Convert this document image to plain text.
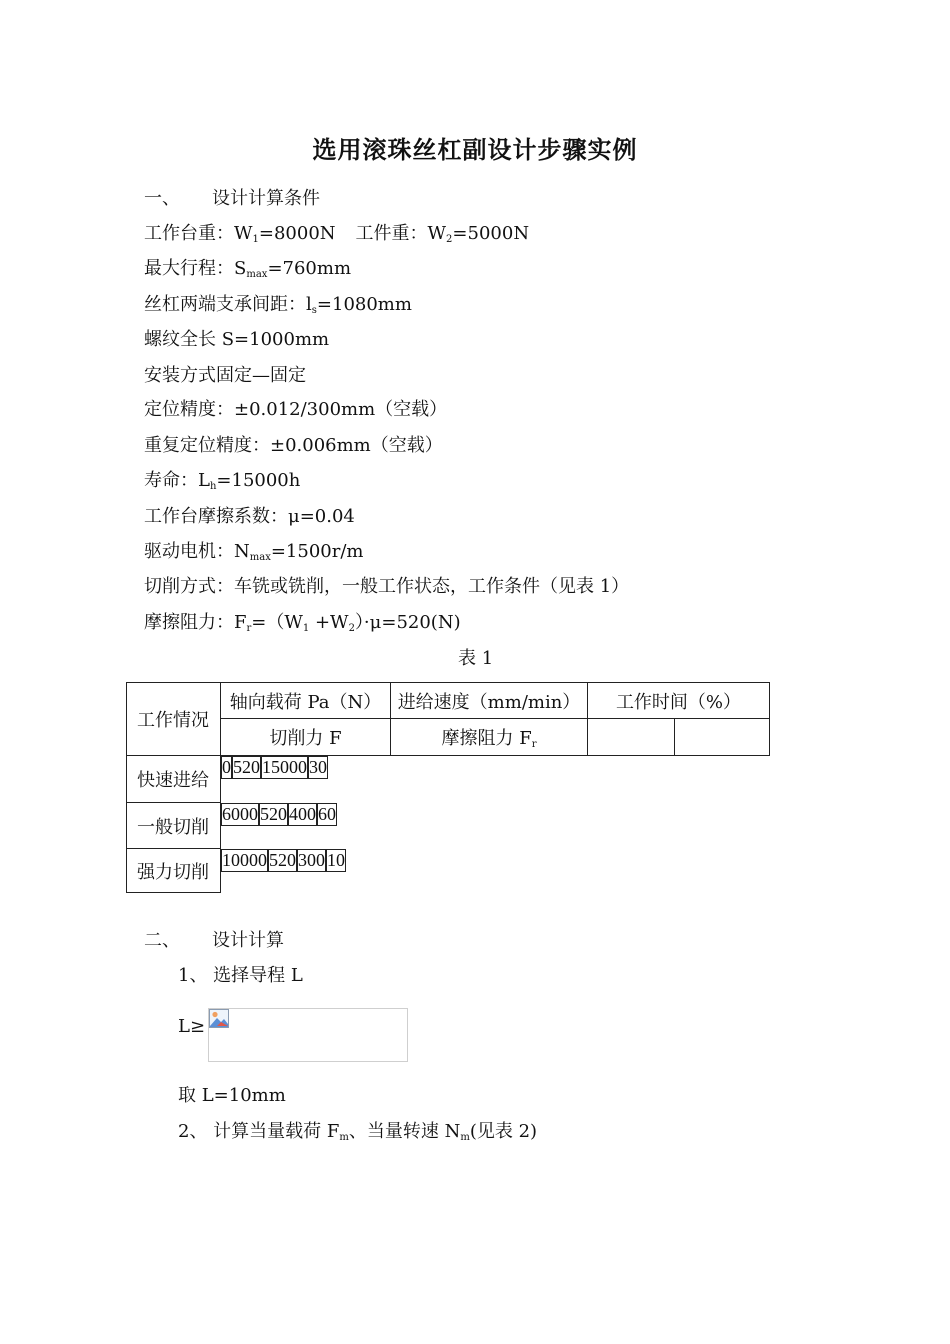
选用滚珠丝杠副设计步骤实例
一、 设计计算条件
工作台重：$W_1=8000N$ 工件重：$W_2=5000N$
最大行程：$S_{max}=760mm$
丝杠两端支承间距：$l_s=1080mm$
螺纹全长 S=1000mm
安装方式固定—固定
定位精度：±0.012/300mm（空载）
重复定位精度：±0.006mm（空载）
寿命：$L_h=15000h$
工作台摩擦系数：μ=0.04
驱动电机：$N_{max}=1500r/m$
切削方式：车铣或铣削，一般工作状态，工作条件（见表 1）
摩擦阻力：$F_r=(W_1 +W_2)\cdot\mu=520(N)$
表 1
工作情况	轴向载荷 Pa（N）	进给速度（mm/min）	工作时间（%）	
	切削力 F	摩擦阻力 $F_r$		
快速进给	0 520 15000 30
一般切削	6000 520 400 60
强力切削	10000 520 300 10
二、 设计计算
1、 选择导程 L
L≥
取 L=10mm
2、 计算当量载荷 $F_m$、当量转速 $N_m$(见表 2)
